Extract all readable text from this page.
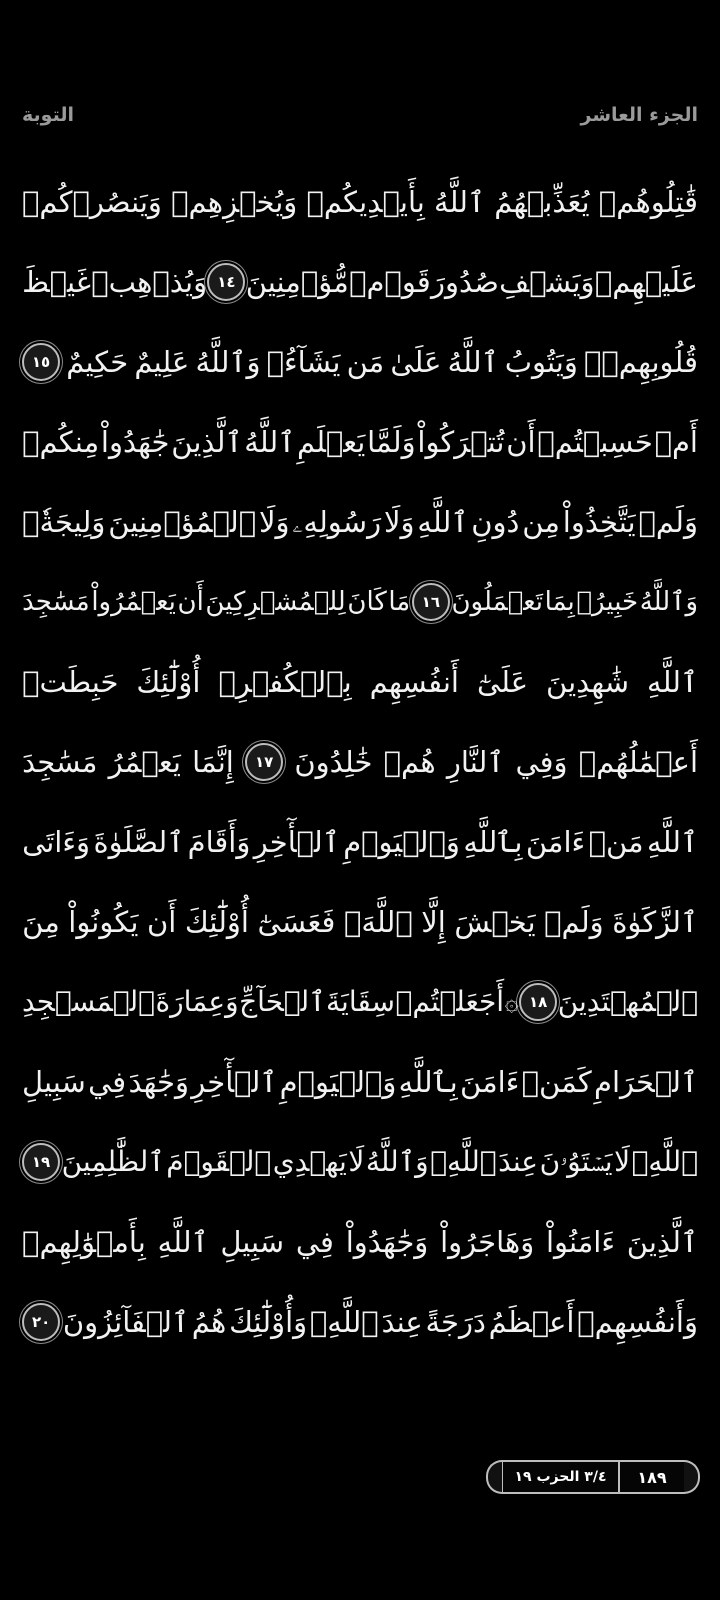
التوبة	الجزء العاشر
قَٰتِلُوهُمۡ
يُعَذِّبۡهُمُ
ٱللَّهُ
بِأَيۡدِيكُمۡ
وَيُخۡزِهِمۡ
وَيَنصُرۡكُمۡ
عَلَيۡهِمۡ
وَيَشۡفِ
صُدُورَ
قَوۡمٖ
مُّؤۡمِنِينَ
١٤
وَيُذۡهِبۡ
غَيۡظَ
قُلُوبِهِمۡۗ
وَيَتُوبُ
ٱللَّهُ
عَلَىٰ
مَن
يَشَآءُۗ
وَٱللَّهُ
عَلِيمٌ
حَكِيمٌ
١٥
أَمۡ
حَسِبۡتُمۡ
أَن
تُتۡرَكُواْ
وَلَمَّا
يَعۡلَمِ
ٱللَّهُ
ٱلَّذِينَ
جَٰهَدُواْ
مِنكُمۡ
وَلَمۡ
يَتَّخِذُواْ
مِن
دُونِ
ٱللَّهِ
وَلَا
رَسُولِهِۦ
وَلَا
ٱلۡمُؤۡمِنِينَ
وَلِيجَةٗۚ
وَٱللَّهُ
خَبِيرُۢ
بِمَا
تَعۡمَلُونَ
١٦
مَا
كَانَ
لِلۡمُشۡرِكِينَ
أَن
يَعۡمُرُواْ
مَسَٰجِدَ
ٱللَّهِ
شَٰهِدِينَ
عَلَىٰٓ
أَنفُسِهِم
بِٱلۡكُفۡرِۚ
أُوْلَٰٓئِكَ
حَبِطَتۡ
أَعۡمَٰلُهُمۡ
وَفِي
ٱلنَّارِ
هُمۡ
خَٰلِدُونَ
١٧
إِنَّمَا
يَعۡمُرُ
مَسَٰجِدَ
ٱللَّهِ
مَنۡ
ءَامَنَ
بِٱللَّهِ
وَٱلۡيَوۡمِ
ٱلۡأٓخِرِ
وَأَقَامَ
ٱلصَّلَوٰةَ
وَءَاتَى
ٱلزَّكَوٰةَ
وَلَمۡ
يَخۡشَ
إِلَّا
ٱللَّهَۖ
فَعَسَىٰٓ
أُوْلَٰٓئِكَ
أَن
يَكُونُواْ
مِنَ
ٱلۡمُهۡتَدِينَ
١٨
۞
أَجَعَلۡتُمۡ
سِقَايَةَ
ٱلۡحَآجِّ
وَعِمَارَةَ
ٱلۡمَسۡجِدِ
ٱلۡحَرَامِ
كَمَنۡ
ءَامَنَ
بِٱللَّهِ
وَٱلۡيَوۡمِ
ٱلۡأٓخِرِ
وَجَٰهَدَ
فِي
سَبِيلِ
ٱللَّهِۚ
لَا
يَسۡتَوُۥنَ
عِندَ
ٱللَّهِۗ
وَٱللَّهُ
لَا
يَهۡدِي
ٱلۡقَوۡمَ
ٱلظَّٰلِمِينَ
١٩
ٱلَّذِينَ
ءَامَنُواْ
وَهَاجَرُواْ
وَجَٰهَدُواْ
فِي
سَبِيلِ
ٱللَّهِ
بِأَمۡوَٰلِهِمۡ
وَأَنفُسِهِمۡ
أَعۡظَمُ
دَرَجَةً
عِندَ
ٱللَّهِۚ
وَأُوْلَٰٓئِكَ
هُمُ
ٱلۡفَآئِزُونَ
٢٠
٣/٤ الحزب ١٩	١٨٩
